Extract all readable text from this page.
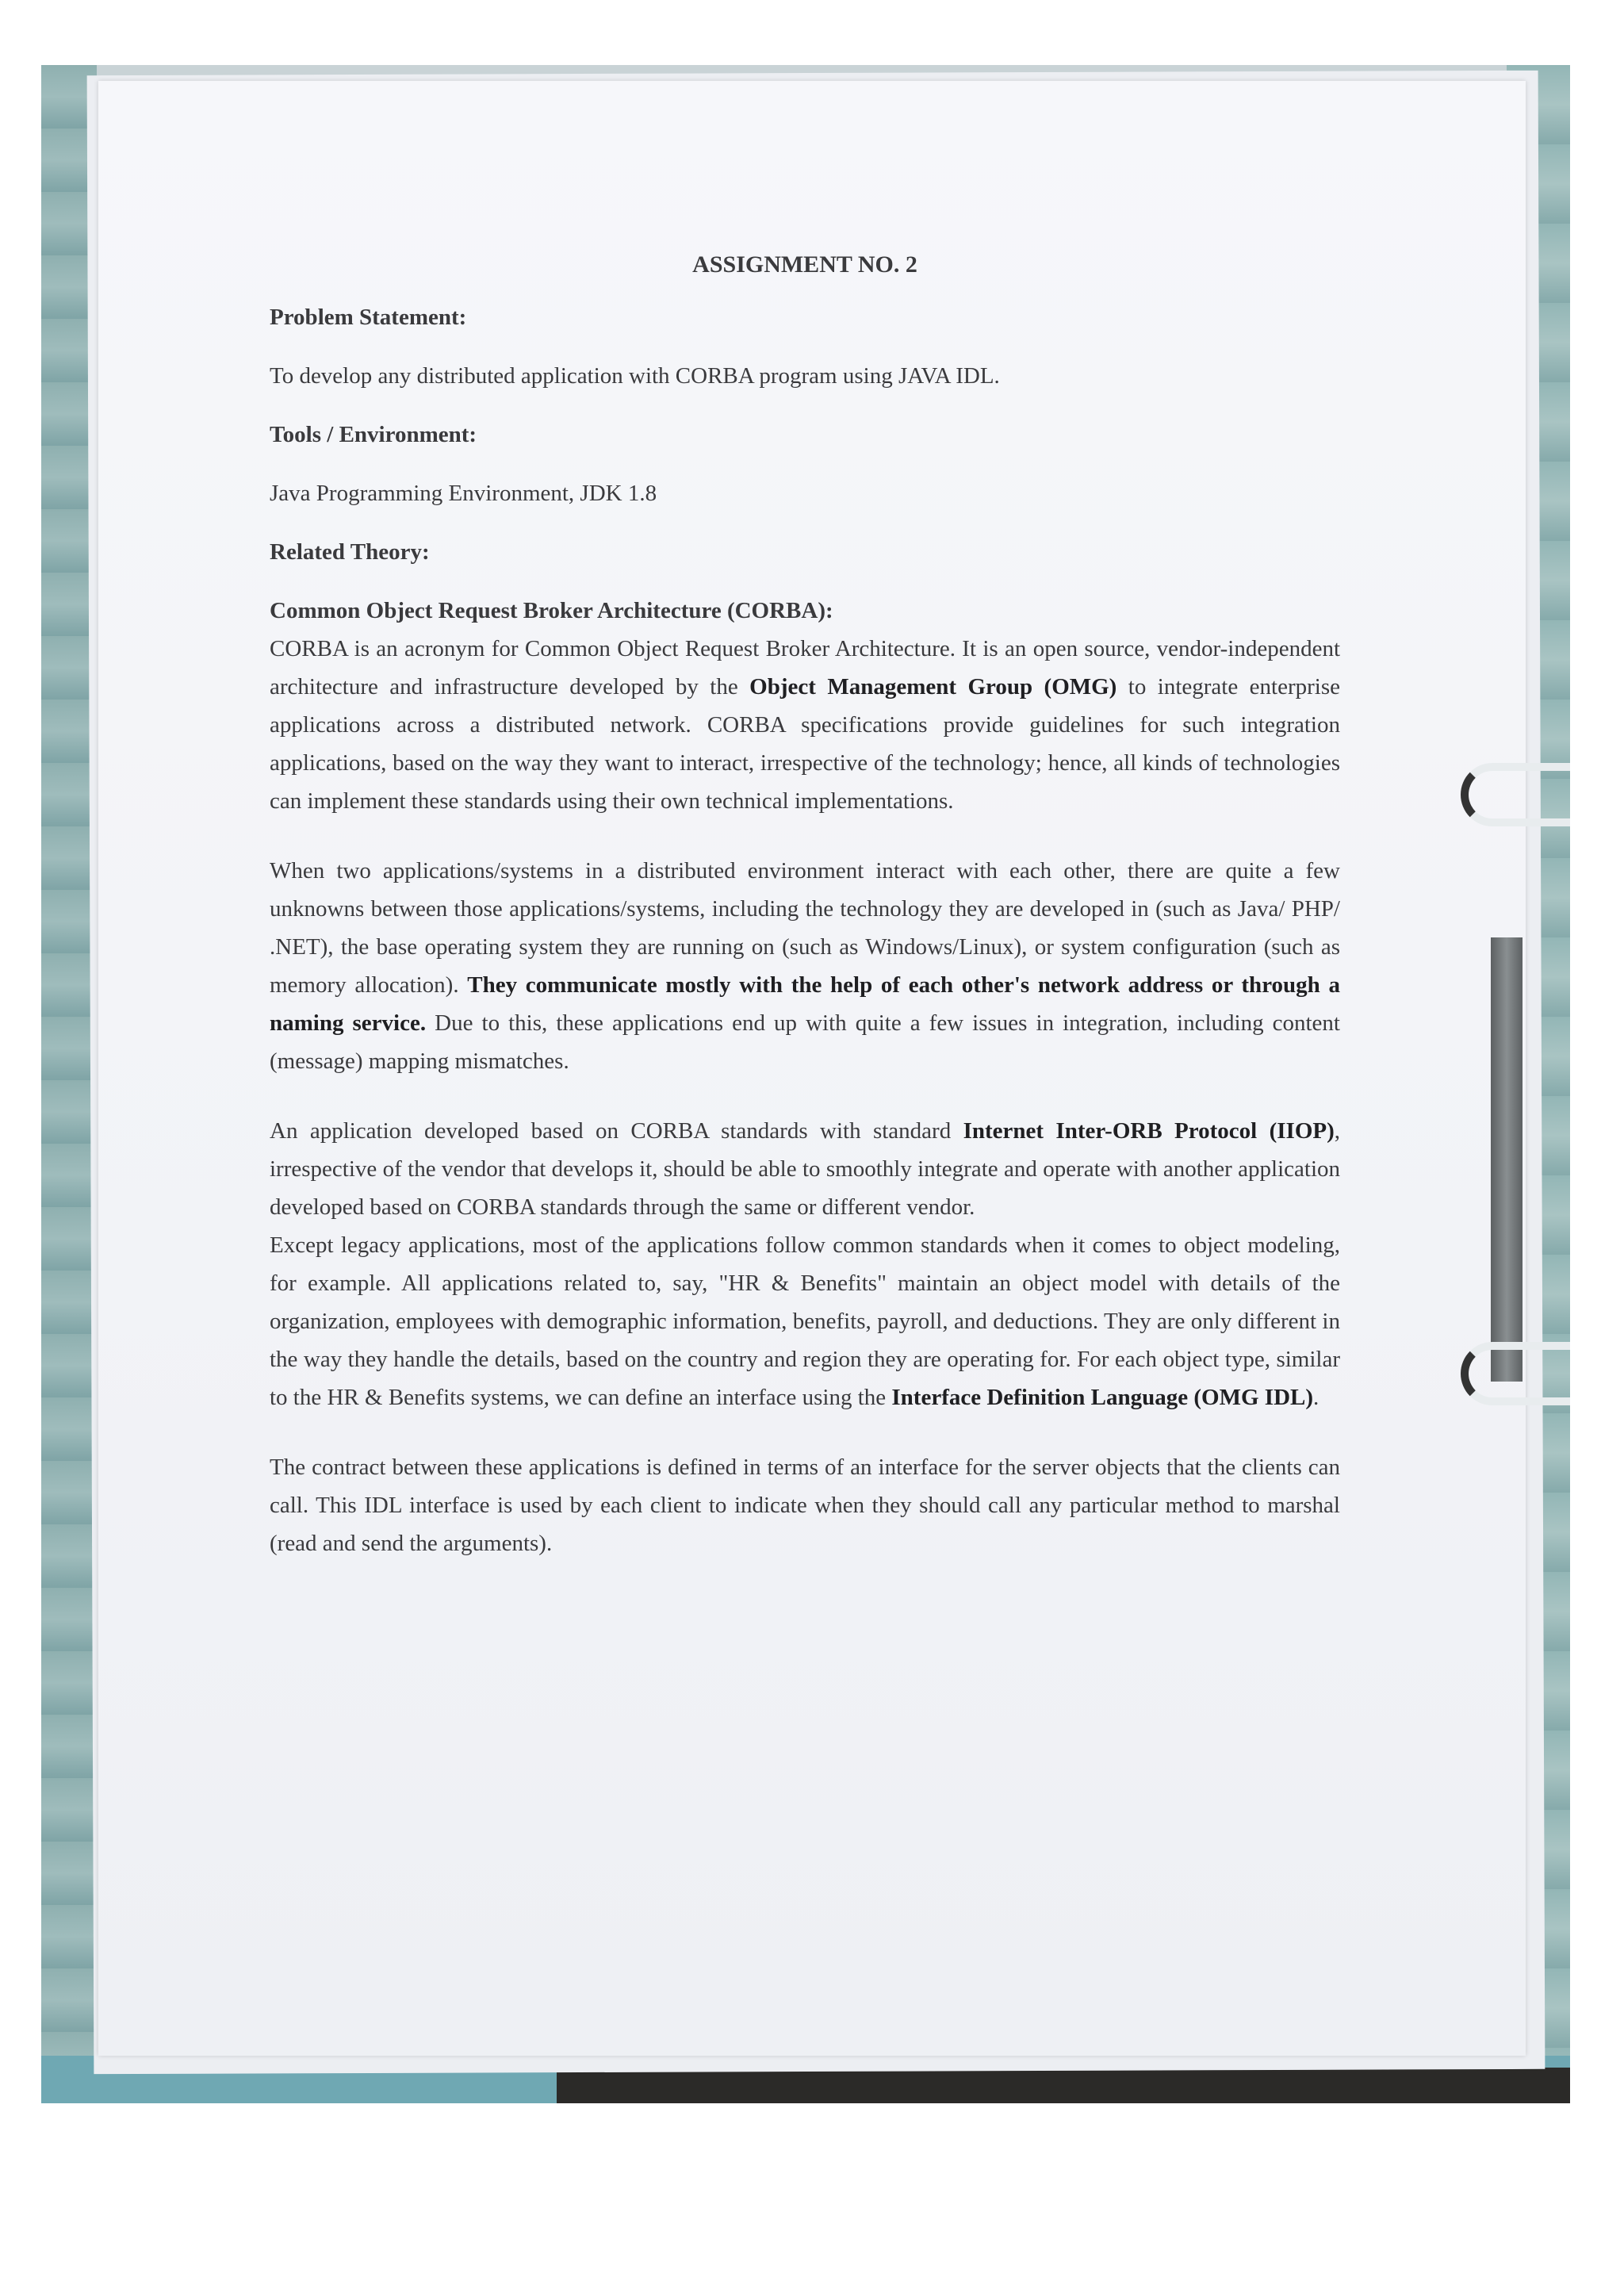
ASSIGNMENT NO. 2

Problem Statement:

To develop any distributed application with CORBA program using JAVA IDL.

Tools / Environment:

Java Programming Environment, JDK 1.8

Related Theory:

Common Object Request Broker Architecture (CORBA):

CORBA is an acronym for Common Object Request Broker Architecture. It is an open source, vendor-independent architecture and infrastructure developed by the Object Management Group (OMG) to integrate enterprise applications across a distributed network. CORBA specifications provide guidelines for such integration applications, based on the way they want to interact, irrespective of the technology; hence, all kinds of technologies can implement these standards using their own technical implementations.

When two applications/systems in a distributed environment interact with each other, there are quite a few unknowns between those applications/systems, including the technology they are developed in (such as Java/ PHP/ .NET), the base operating system they are running on (such as Windows/Linux), or system configuration (such as memory allocation). They communicate mostly with the help of each other's network address or through a naming service. Due to this, these applications end up with quite a few issues in integration, including content (message) mapping mismatches.

An application developed based on CORBA standards with standard Internet Inter-ORB Protocol (IIOP), irrespective of the vendor that develops it, should be able to smoothly integrate and operate with another application developed based on CORBA standards through the same or different vendor.

Except legacy applications, most of the applications follow common standards when it comes to object modeling, for example. All applications related to, say, "HR & Benefits" maintain an object model with details of the organization, employees with demographic information, benefits, payroll, and deductions. They are only different in the way they handle the details, based on the country and region they are operating for. For each object type, similar to the HR & Benefits systems, we can define an interface using the Interface Definition Language (OMG IDL).

The contract between these applications is defined in terms of an interface for the server objects that the clients can call. This IDL interface is used by each client to indicate when they should call any particular method to marshal (read and send the arguments).
